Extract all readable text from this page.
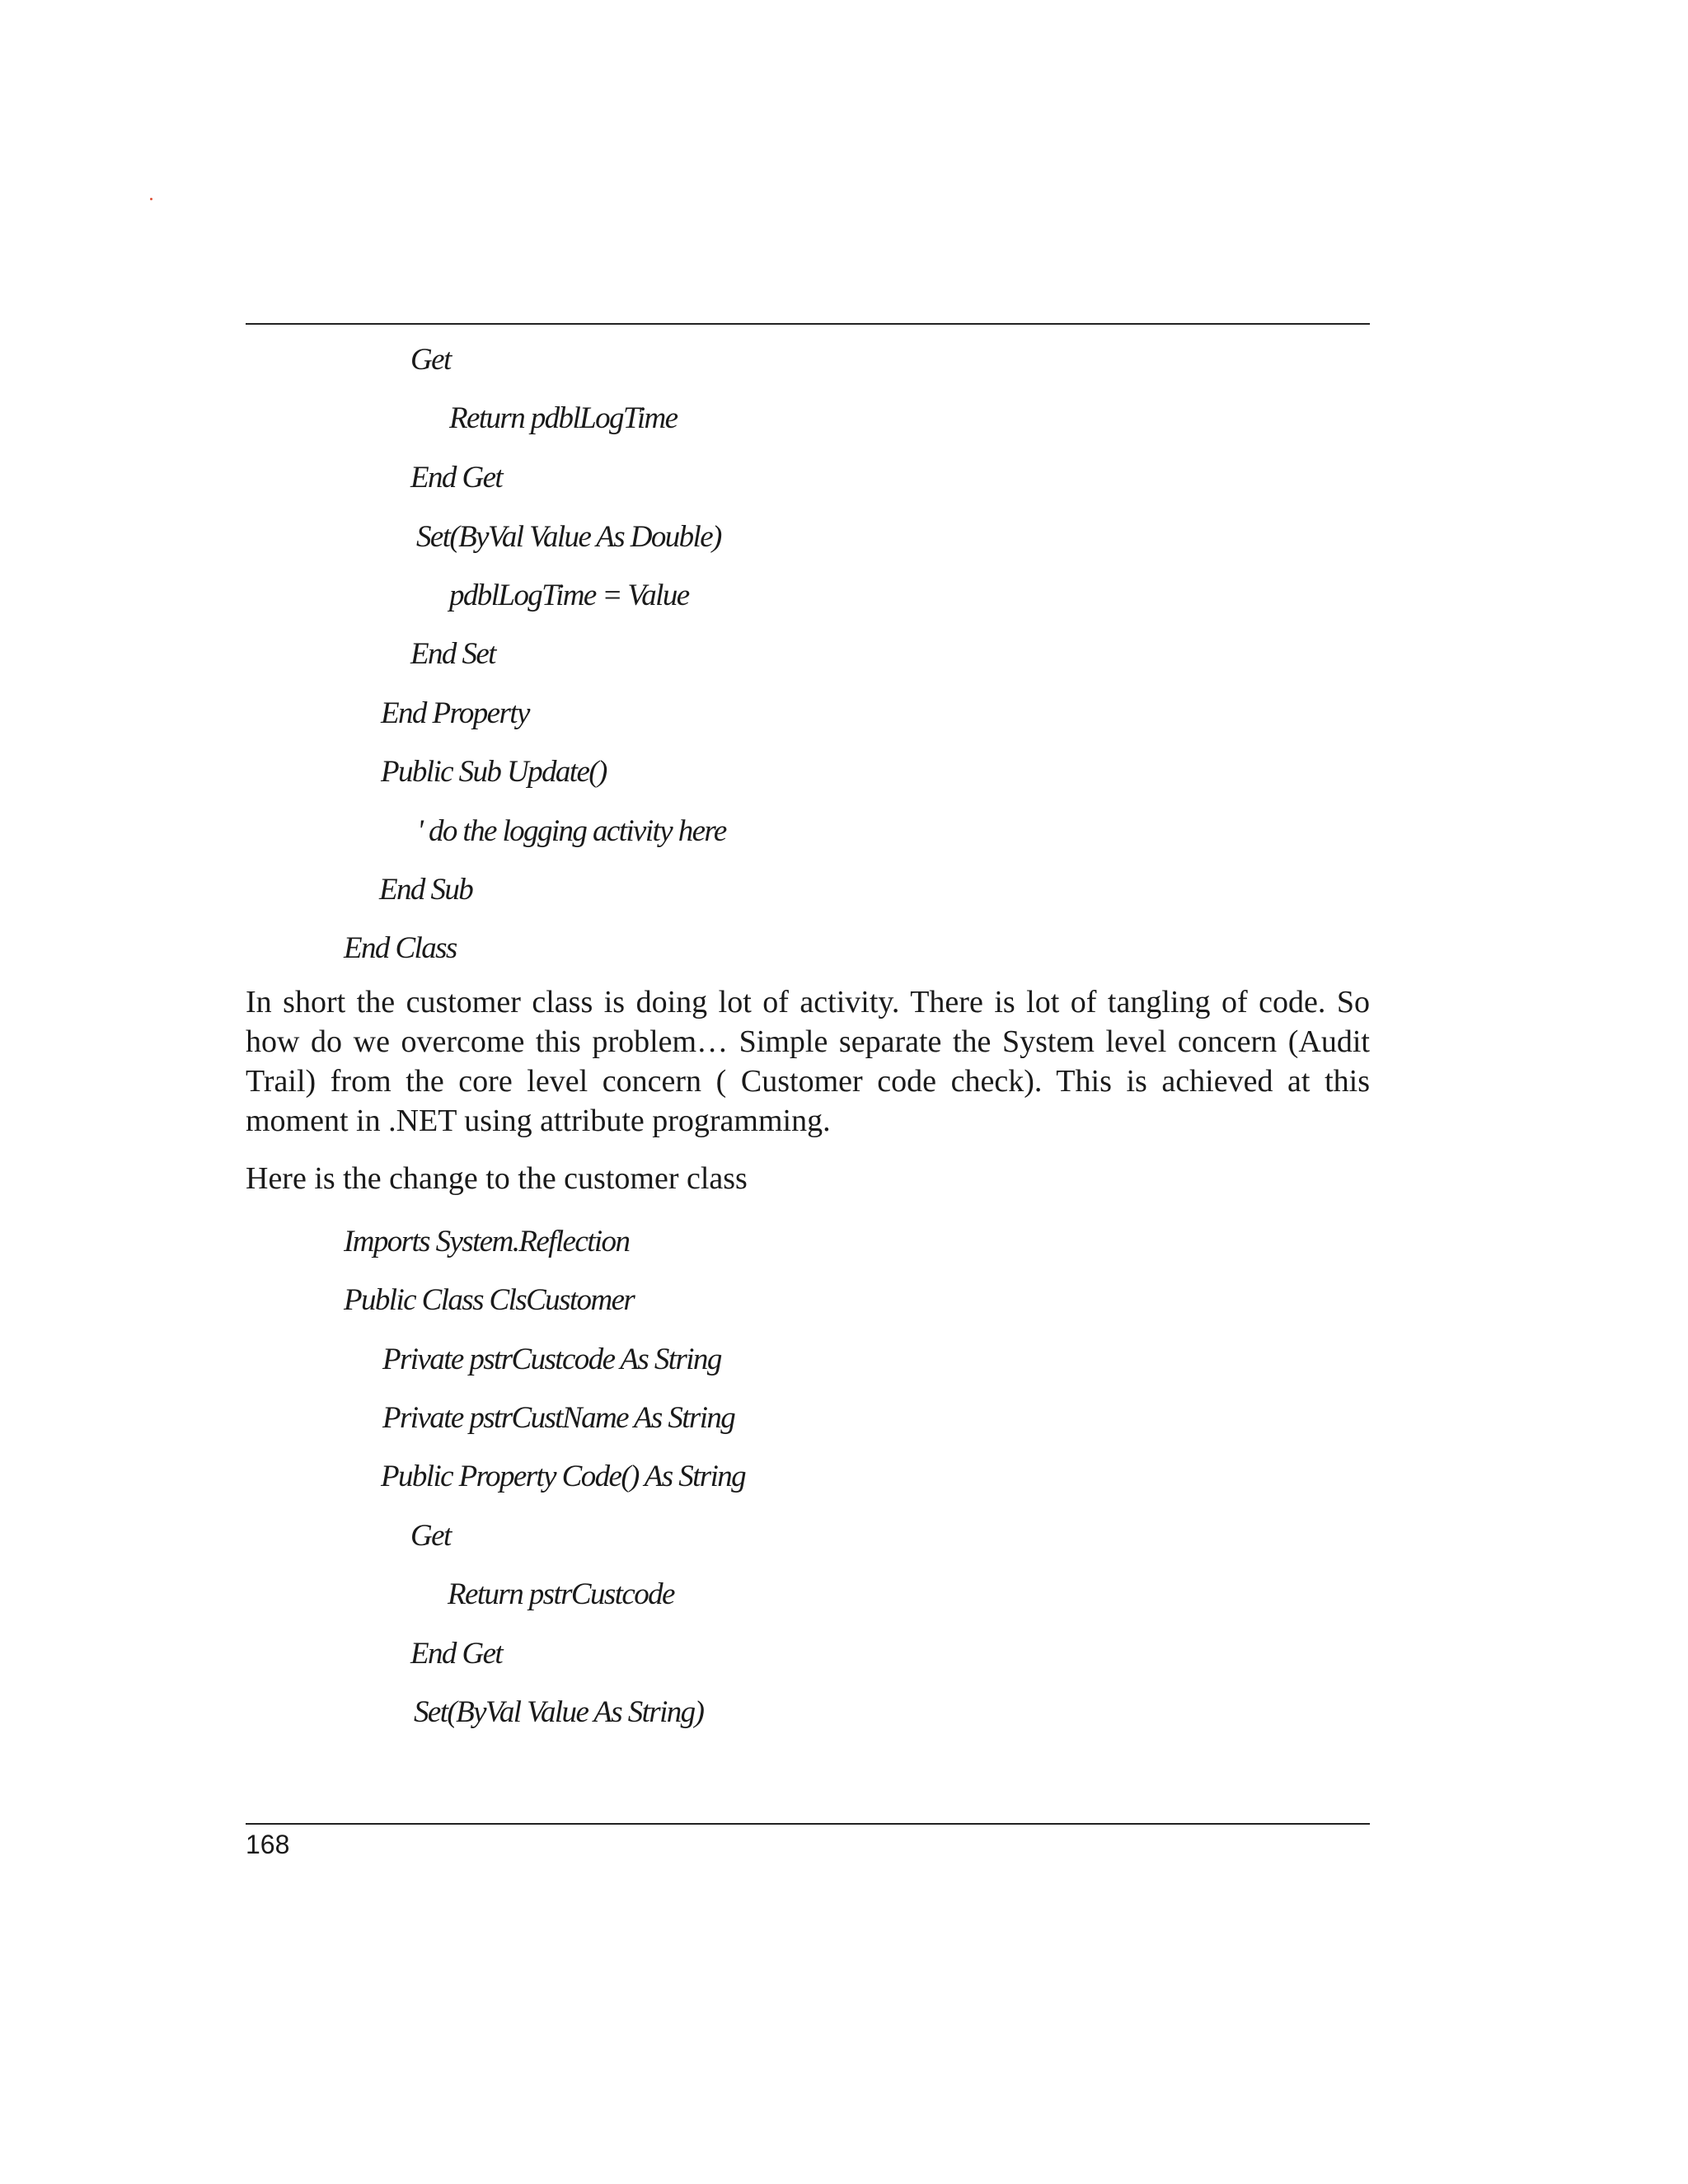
Get
Return pdblLogTime
End Get
Set(ByVal Value As Double)
pdblLogTime = Value
End Set
End Property
Public Sub Update()
' do the logging activity here
End Sub
End Class
In short the customer class is doing lot of activity. There is lot of tangling of code. So how do we overcome this problem… Simple separate the System level concern (Audit Trail) from the core level concern ( Customer code check). This is achieved at this moment in .NET using attribute programming.
Here is the change to the customer class
Imports System.Reflection
Public Class ClsCustomer
Private pstrCustcode As String
Private pstrCustName As String
Public Property Code() As String
Get
Return pstrCustcode
End Get
Set(ByVal Value As String)
168
